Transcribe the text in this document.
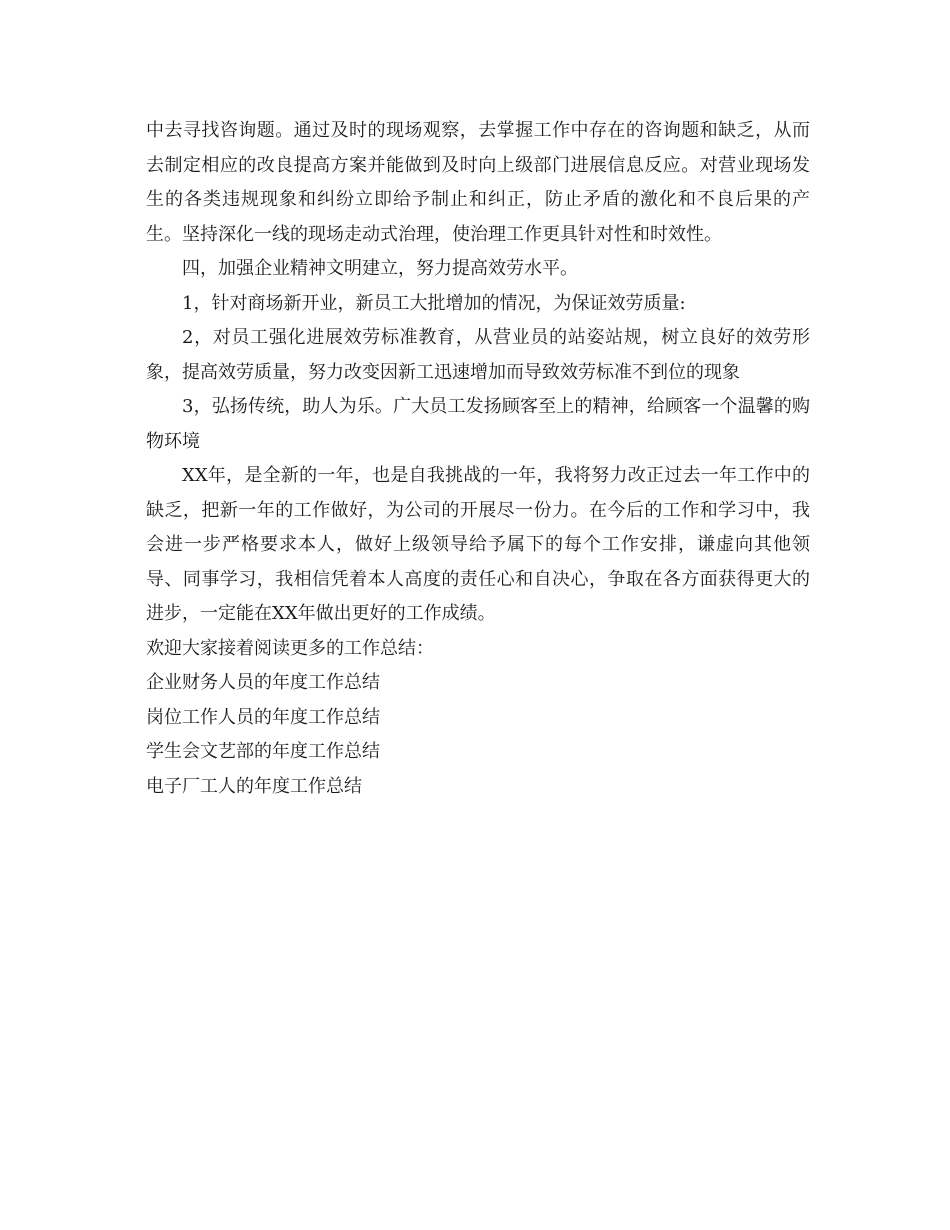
中去寻找咨询题。通过及时的现场观察，去掌握工作中存在的咨询题和缺乏，从而去制定相应的改良提高方案并能做到及时向上级部门进展信息反应。对营业现场发生的各类违规现象和纠纷立即给予制止和纠正，防止矛盾的激化和不良后果的产生。坚持深化一线的现场走动式治理，使治理工作更具针对性和时效性。

四，加强企业精神文明建立，努力提高效劳水平。

1，针对商场新开业，新员工大批增加的情况，为保证效劳质量:

2，对员工强化进展效劳标准教育，从营业员的站姿站规，树立良好的效劳形象，提高效劳质量，努力改变因新工迅速增加而导致效劳标准不到位的现象

3，弘扬传统，助人为乐。广大员工发扬顾客至上的精神，给顾客一个温馨的购物环境

XX年，是全新的一年，也是自我挑战的一年，我将努力改正过去一年工作中的缺乏，把新一年的工作做好，为公司的开展尽一份力。在今后的工作和学习中，我会进一步严格要求本人，做好上级领导给予属下的每个工作安排，谦虚向其他领导、同事学习，我相信凭着本人高度的责任心和自决心，争取在各方面获得更大的进步，一定能在XX年做出更好的工作成绩。

欢迎大家接着阅读更多的工作总结：

企业财务人员的年度工作总结

岗位工作人员的年度工作总结

学生会文艺部的年度工作总结

电子厂工人的年度工作总结
